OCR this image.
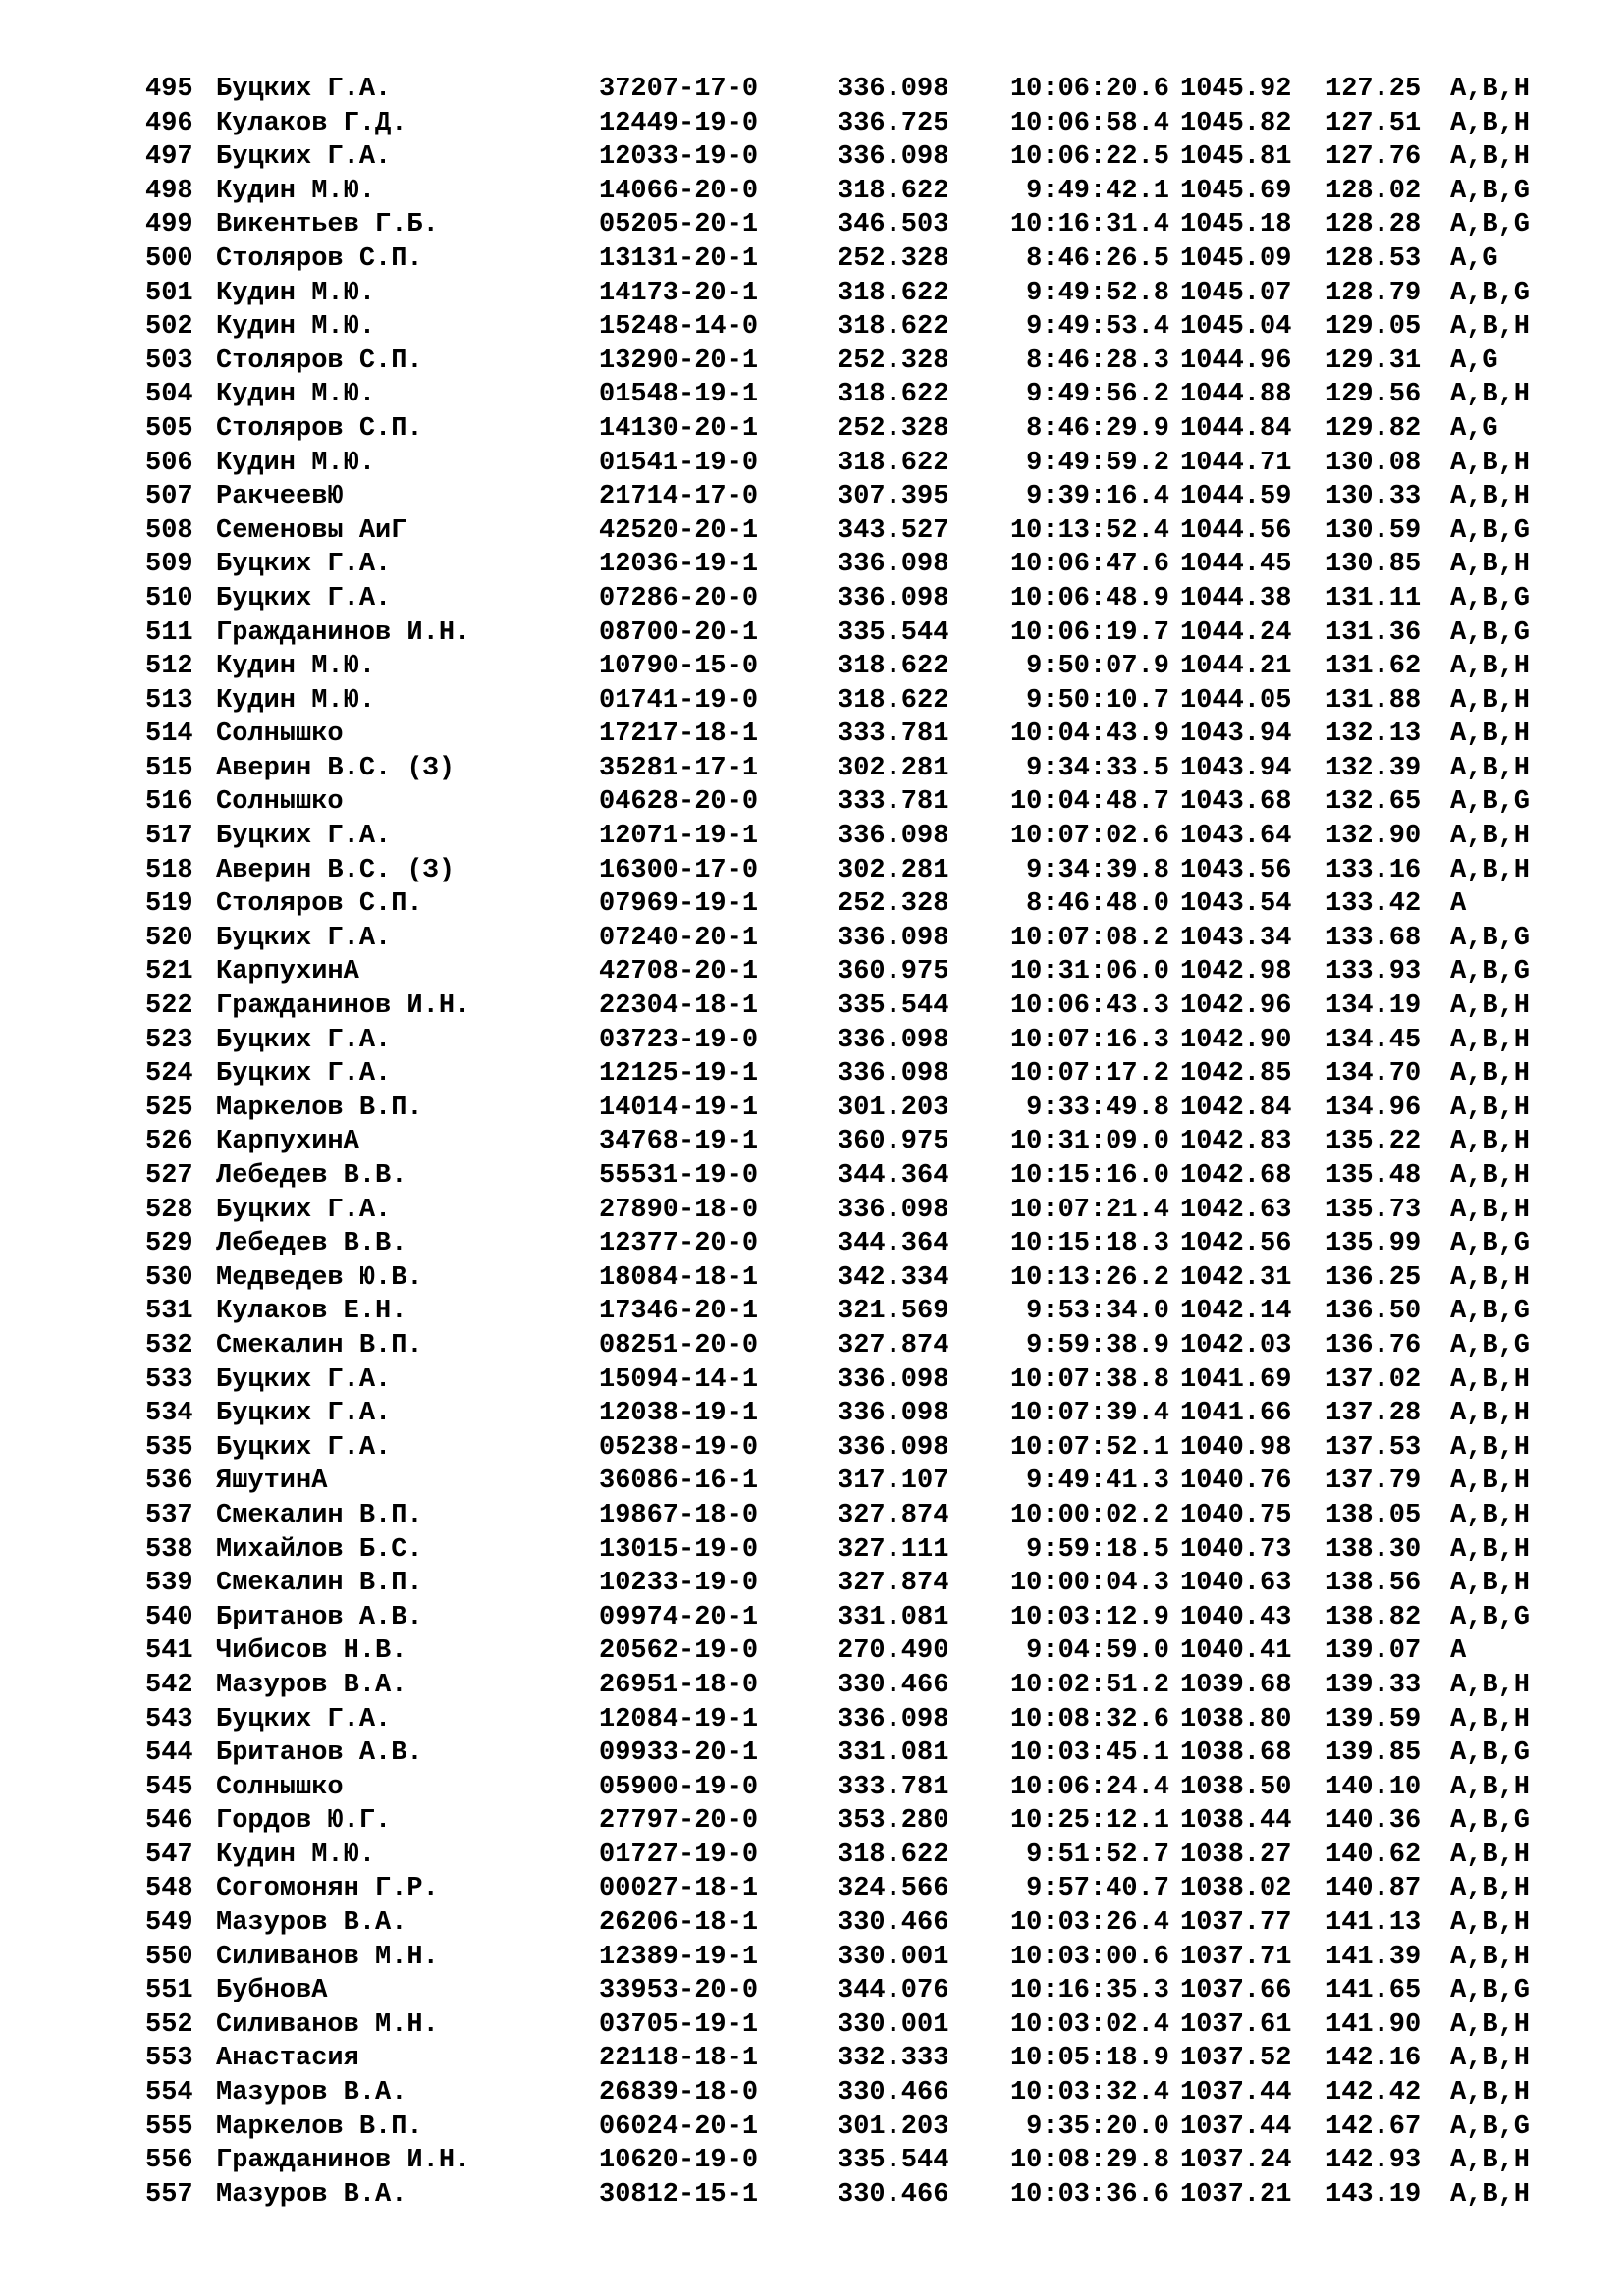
495 Буцких Г.А.	37207-17-0	336.098	10:06:20.6 1045.92 127.25 A,B,H
496 Кулаков Г.Д.	12449-19-0	336.725	10:06:58.4 1045.82 127.51 A,B,H
497 Буцких Г.А.	12033-19-0	336.098	10:06:22.5 1045.81 127.76 A,B,H
498 Кудин М.Ю.	14066-20-0	318.622	9:49:42.1 1045.69 128.02 A,B,G
499 Викентьев Г.Б.	05205-20-1	346.503	10:16:31.4 1045.18 128.28 A,B,G
500 Столяров С.П.	13131-20-1	252.328	8:46:26.5 1045.09 128.53 A,G
501 Кудин М.Ю.	14173-20-1	318.622	9:49:52.8 1045.07 128.79 A,B,G
502 Кудин М.Ю.	15248-14-0	318.622	9:49:53.4 1045.04 129.05 A,B,H
503 Столяров С.П.	13290-20-1	252.328	8:46:28.3 1044.96 129.31 A,G
504 Кудин М.Ю.	01548-19-1	318.622	9:49:56.2 1044.88 129.56 A,B,H
505 Столяров С.П.	14130-20-1	252.328	8:46:29.9 1044.84 129.82 A,G
506 Кудин М.Ю.	01541-19-0	318.622	9:49:59.2 1044.71 130.08 A,B,H
507 РакчеевЮ	21714-17-0	307.395	9:39:16.4 1044.59 130.33 A,B,H
508 Семеновы АиГ	42520-20-1	343.527	10:13:52.4 1044.56 130.59 A,B,G
509 Буцких Г.А.	12036-19-1	336.098	10:06:47.6 1044.45 130.85 A,B,H
510 Буцких Г.А.	07286-20-0	336.098	10:06:48.9 1044.38 131.11 A,B,G
511 Гражданинов И.Н.	08700-20-1	335.544	10:06:19.7 1044.24 131.36 A,B,G
512 Кудин М.Ю.	10790-15-0	318.622	9:50:07.9 1044.21 131.62 A,B,H
513 Кудин М.Ю.	01741-19-0	318.622	9:50:10.7 1044.05 131.88 A,B,H
514 Солнышко	17217-18-1	333.781	10:04:43.9 1043.94 132.13 A,B,H
515 Аверин В.С. (З)	35281-17-1	302.281	9:34:33.5 1043.94 132.39 A,B,H
516 Солнышко	04628-20-0	333.781	10:04:48.7 1043.68 132.65 A,B,G
517 Буцких Г.А.	12071-19-1	336.098	10:07:02.6 1043.64 132.90 A,B,H
518 Аверин В.С. (З)	16300-17-0	302.281	9:34:39.8 1043.56 133.16 A,B,H
519 Столяров С.П.	07969-19-1	252.328	8:46:48.0 1043.54 133.42 A
520 Буцких Г.А.	07240-20-1	336.098	10:07:08.2 1043.34 133.68 A,B,G
521 КарпухинА	42708-20-1	360.975	10:31:06.0 1042.98 133.93 A,B,G
522 Гражданинов И.Н.	22304-18-1	335.544	10:06:43.3 1042.96 134.19 A,B,H
523 Буцких Г.А.	03723-19-0	336.098	10:07:16.3 1042.90 134.45 A,B,H
524 Буцких Г.А.	12125-19-1	336.098	10:07:17.2 1042.85 134.70 A,B,H
525 Маркелов В.П.	14014-19-1	301.203	9:33:49.8 1042.84 134.96 A,B,H
526 КарпухинА	34768-19-1	360.975	10:31:09.0 1042.83 135.22 A,B,H
527 Лебедев В.В.	55531-19-0	344.364	10:15:16.0 1042.68 135.48 A,B,H
528 Буцких Г.А.	27890-18-0	336.098	10:07:21.4 1042.63 135.73 A,B,H
529 Лебедев В.В.	12377-20-0	344.364	10:15:18.3 1042.56 135.99 A,B,G
530 Медведев Ю.В.	18084-18-1	342.334	10:13:26.2 1042.31 136.25 A,B,H
531 Кулаков Е.Н.	17346-20-1	321.569	9:53:34.0 1042.14 136.50 A,B,G
532 Смекалин В.П.	08251-20-0	327.874	9:59:38.9 1042.03 136.76 A,B,G
533 Буцких Г.А.	15094-14-1	336.098	10:07:38.8 1041.69 137.02 A,B,H
534 Буцких Г.А.	12038-19-1	336.098	10:07:39.4 1041.66 137.28 A,B,H
535 Буцких Г.А.	05238-19-0	336.098	10:07:52.1 1040.98 137.53 A,B,H
536 ЯшутинА	36086-16-1	317.107	9:49:41.3 1040.76 137.79 A,B,H
537 Смекалин В.П.	19867-18-0	327.874	10:00:02.2 1040.75 138.05 A,B,H
538 Михайлов Б.С.	13015-19-0	327.111	9:59:18.5 1040.73 138.30 A,B,H
539 Смекалин В.П.	10233-19-0	327.874	10:00:04.3 1040.63 138.56 A,B,H
540 Британов А.В.	09974-20-1	331.081	10:03:12.9 1040.43 138.82 A,B,G
541 Чибисов Н.В.	20562-19-0	270.490	9:04:59.0 1040.41 139.07 A
542 Мазуров В.А.	26951-18-0	330.466	10:02:51.2 1039.68 139.33 A,B,H
543 Буцких Г.А.	12084-19-1	336.098	10:08:32.6 1038.80 139.59 A,B,H
544 Британов А.В.	09933-20-1	331.081	10:03:45.1 1038.68 139.85 A,B,G
545 Солнышко	05900-19-0	333.781	10:06:24.4 1038.50 140.10 A,B,H
546 Гордов Ю.Г.	27797-20-0	353.280	10:25:12.1 1038.44 140.36 A,B,G
547 Кудин М.Ю.	01727-19-0	318.622	9:51:52.7 1038.27 140.62 A,B,H
548 Согомонян Г.Р.	00027-18-1	324.566	9:57:40.7 1038.02 140.87 A,B,H
549 Мазуров В.А.	26206-18-1	330.466	10:03:26.4 1037.77 141.13 A,B,H
550 Силиванов М.Н.	12389-19-1	330.001	10:03:00.6 1037.71 141.39 A,B,H
551 БубновА	33953-20-0	344.076	10:16:35.3 1037.66 141.65 A,B,G
552 Силиванов М.Н.	03705-19-1	330.001	10:03:02.4 1037.61 141.90 A,B,H
553 Анастасия	22118-18-1	332.333	10:05:18.9 1037.52 142.16 A,B,H
554 Мазуров В.А.	26839-18-0	330.466	10:03:32.4 1037.44 142.42 A,B,H
555 Маркелов В.П.	06024-20-1	301.203	9:35:20.0 1037.44 142.67 A,B,G
556 Гражданинов И.Н.	10620-19-0	335.544	10:08:29.8 1037.24 142.93 A,B,H
557 Мазуров В.А.	30812-15-1	330.466	10:03:36.6 1037.21 143.19 A,B,H
